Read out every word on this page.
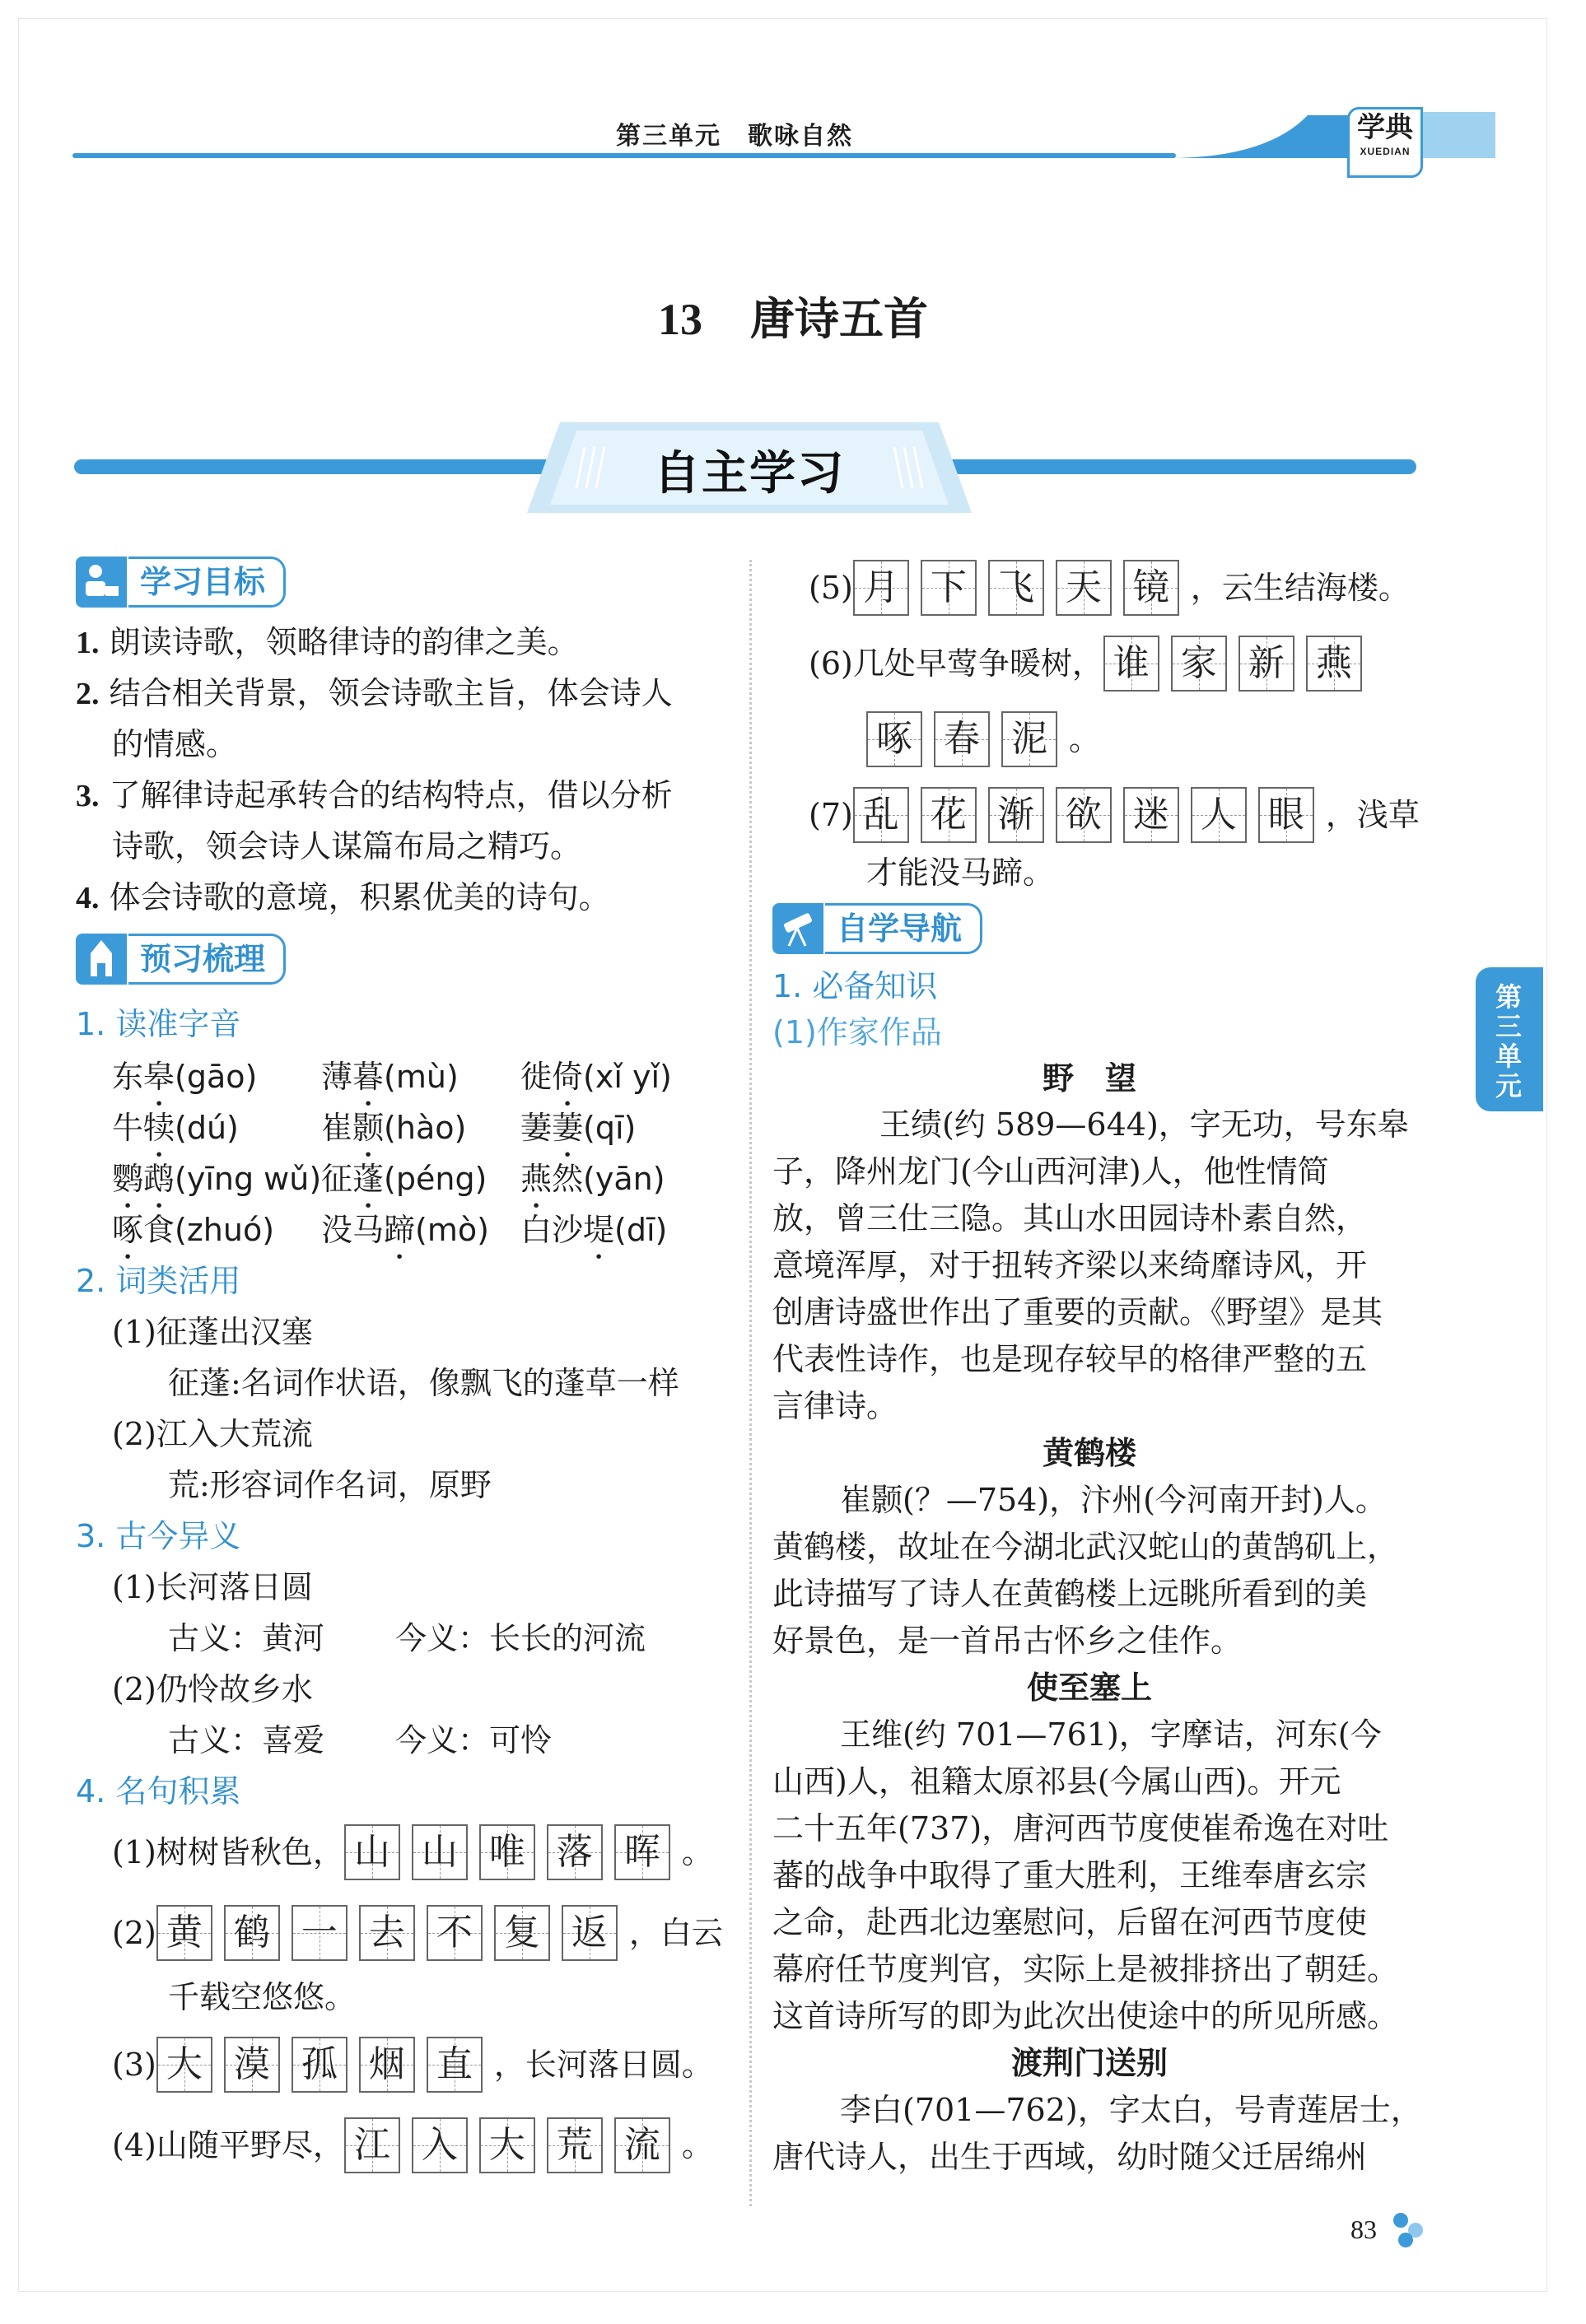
第三单元　歌咏自然	学典
XUEDIAN
13 唐诗五首
自主学习
学习目标
1. 朗读诗歌，领略律诗的韵律之美。
2. 结合相关背景，领会诗歌主旨，体会诗人
的情感。
3. 了解律诗起承转合的结构特点，借以分析
诗歌，领会诗人谋篇布局之精巧。
4. 体会诗歌的意境，积累优美的诗句。
预习梳理
1. 读准字音
东皋(gāo) 薄暮(mù) 徙倚(xǐ yǐ)
牛犊(dú)	崔颢(hào) 萋萋(qī)
鹦鹉(yīng wǔ) 征蓬(péng) 燕然(yān)
啄食(zhuó) 没马蹄(mò) 白沙堤(dī)
2. 词类活用
(1)征蓬出汉塞
征蓬:名词作状语，像飘飞的蓬草一样
(2)江入大荒流
荒:形容词作名词，原野
3. 古今异义
(1)长河落日圆
古义：黄河 今义：长长的河流
(2)仍怜故乡水
古义：喜爱 今义：可怜
4. 名句积累
(1)树树皆秋色， 山 山 唯 落 晖 。
(2) 黄 鹤 一 去 不 复 返 ，白云
千载空悠悠。
(3) 大 漠 孤 烟 直 ，长河落日圆。
(4)山随平野尽， 江 入 大 荒 流 。
(5) 月 下 飞 天 镜 ，云生结海楼。
(6)几处早莺争暖树， 谁 家 新 燕
啄 春 泥 。
(7) 乱 花 渐 欲 迷 人 眼 ，浅草
才能没马蹄。
自学导航
1. 必备知识
(1)作家作品
野　望
王绩(约 589—644)，字无功，号东皋
子，降州龙门(今山西河津)人，他性情简
放，曾三仕三隐。其山水田园诗朴素自然，
意境浑厚，对于扭转齐梁以来绮靡诗风，开
创唐诗盛世作出了重要的贡献。《野望》是其
代表性诗作，也是现存较早的格律严整的五
言律诗。
黄鹤楼
崔颢(？—754)，汴州(今河南开封)人。
黄鹤楼，故址在今湖北武汉蛇山的黄鹄矶上，
此诗描写了诗人在黄鹤楼上远眺所看到的美
好景色，是一首吊古怀乡之佳作。
使至塞上
王维(约 701—761)，字摩诘，河东(今
山西)人，祖籍太原祁县(今属山西)。开元
二十五年(737)，唐河西节度使崔希逸在对吐
蕃的战争中取得了重大胜利，王维奉唐玄宗
之命，赴西北边塞慰问，后留在河西节度使
幕府任节度判官，实际上是被排挤出了朝廷。
这首诗所写的即为此次出使途中的所见所感。
渡荆门送别
李白(701—762)，字太白，号青莲居士，
唐代诗人，出生于西域，幼时随父迁居绵州
第三单元
83
